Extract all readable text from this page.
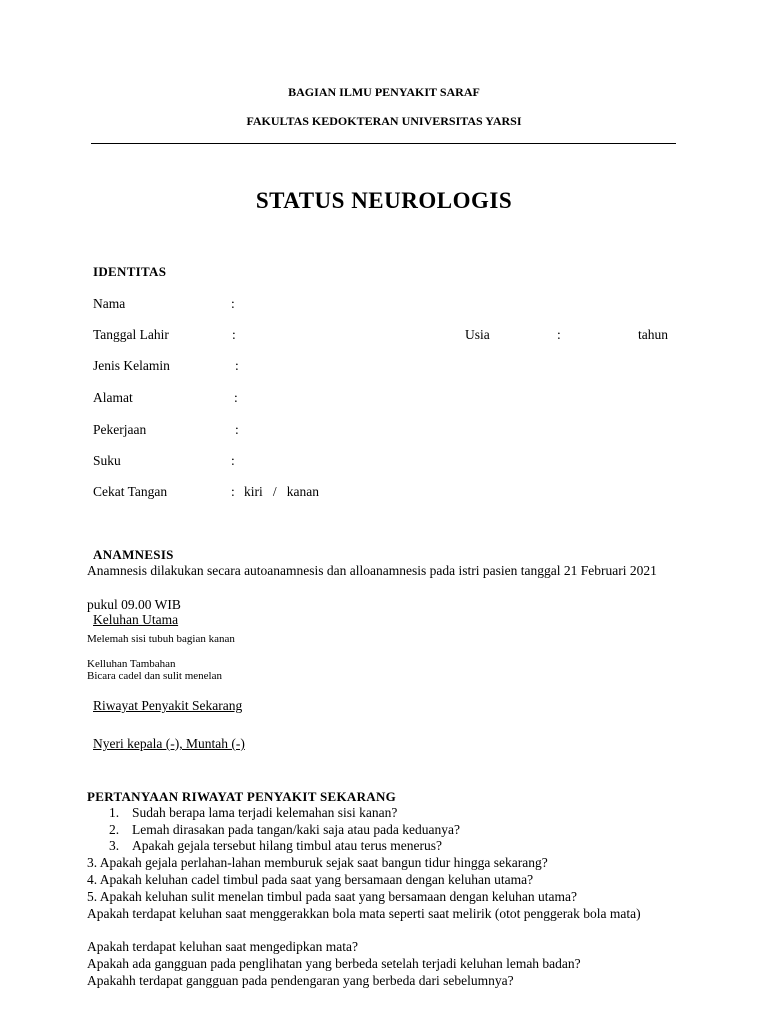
BAGIAN ILMU PENYAKIT SARAF
FAKULTAS KEDOKTERAN UNIVERSITAS YARSI
STATUS NEUROLOGIS
IDENTITAS
Nama	:
Tanggal Lahir	:	Usia	:	tahun
Jenis Kelamin	:
Alamat	:
Pekerjaan	:
Suku	:
Cekat Tangan	: kiri   /   kanan
ANAMNESIS
Anamnesis dilakukan secara autoanamnesis dan alloanamnesis pada istri pasien tanggal 21 Februari 2021
pukul 09.00 WIB
Keluhan Utama
Melemah sisi tubuh bagian kanan
Kelluhan Tambahan
Bicara cadel dan sulit menelan
Riwayat Penyakit Sekarang
Nyeri kepala (-), Muntah (-)
PERTANYAAN RIWAYAT PENYAKIT SEKARANG
1. Sudah berapa lama terjadi kelemahan sisi kanan?
2. Lemah dirasakan pada tangan/kaki saja atau pada keduanya?
3. Apakah gejala tersebut hilang timbul atau terus menerus?
3. Apakah gejala perlahan-lahan memburuk sejak saat bangun tidur hingga sekarang?
4. Apakah keluhan cadel timbul pada saat yang bersamaan dengan keluhan utama?
5. Apakah keluhan sulit menelan timbul pada saat yang bersamaan dengan keluhan utama?
Apakah terdapat keluhan saat menggerakkan bola mata seperti saat melirik (otot penggerak bola mata)
Apakah terdapat keluhan saat mengedipkan mata?
Apakah ada gangguan pada penglihatan yang berbeda setelah terjadi keluhan lemah badan?
Apakahh terdapat gangguan pada pendengaran yang berbeda dari sebelumnya?
